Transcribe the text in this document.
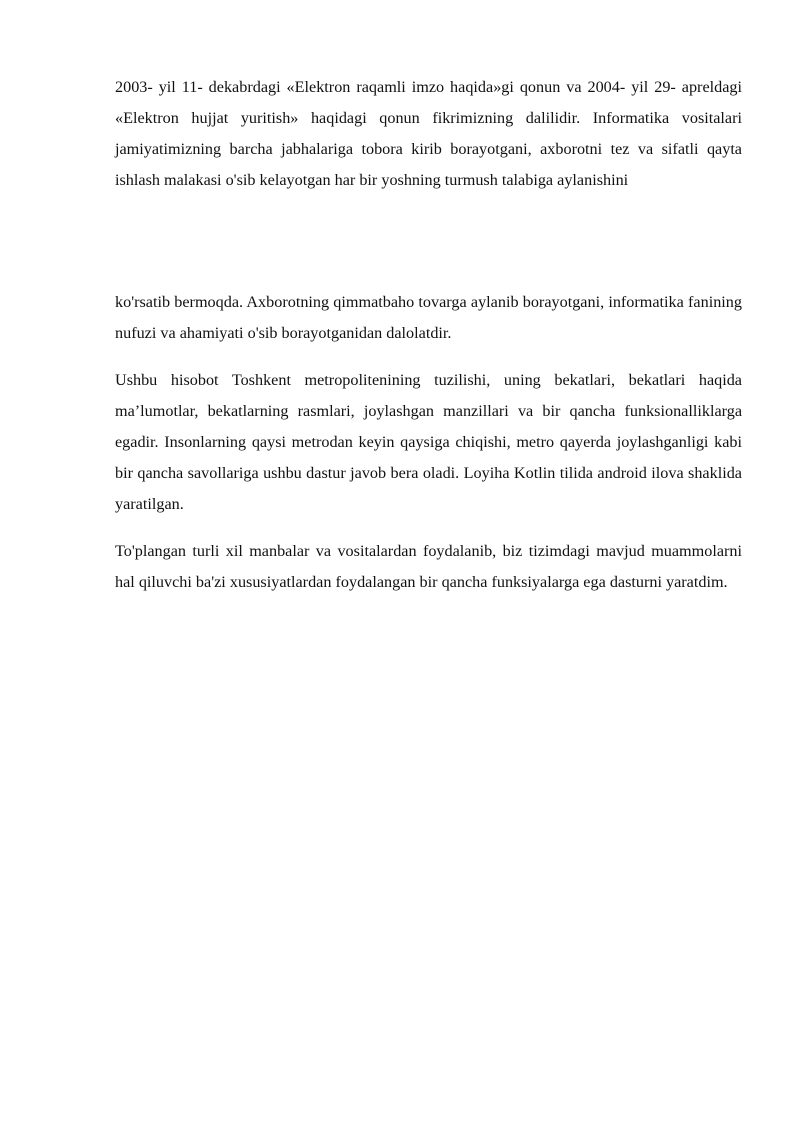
2003- yil 11- dekabrdagi «Elektron raqamli imzo haqida»gi qonun va 2004- yil 29- apreldagi «Elektron hujjat yuritish» haqidagi qonun fikrimizning dalilidir. Informatika vositalari jamiyatimizning barcha jabhalariga tobora kirib borayotgani, axborotni tez va sifatli qayta ishlash malakasi o'sib kelayotgan har bir yoshning turmush talabiga aylanishini

ko'rsatib bermoqda. Axborotning qimmatbaho tovarga aylanib borayotgani, informatika fanining nufuzi va ahamiyati o'sib borayotganidan dalolatdir.

Ushbu hisobot Toshkent metropolitenining tuzilishi, uning bekatlari, bekatlari haqida ma’lumotlar, bekatlarning rasmlari, joylashgan manzillari va bir qancha funksionalliklarga egadir. Insonlarning qaysi metrodan keyin qaysiga chiqishi, metro qayerda joylashganligi kabi bir qancha savollariga ushbu dastur javob bera oladi. Loyiha Kotlin tilida android ilova shaklida yaratilgan.

To'plangan turli xil manbalar va vositalardan foydalanib, biz tizimdagi mavjud muammolarni hal qiluvchi ba'zi xususiyatlardan foydalangan bir qancha funksiyalarga ega dasturni yaratdim.
